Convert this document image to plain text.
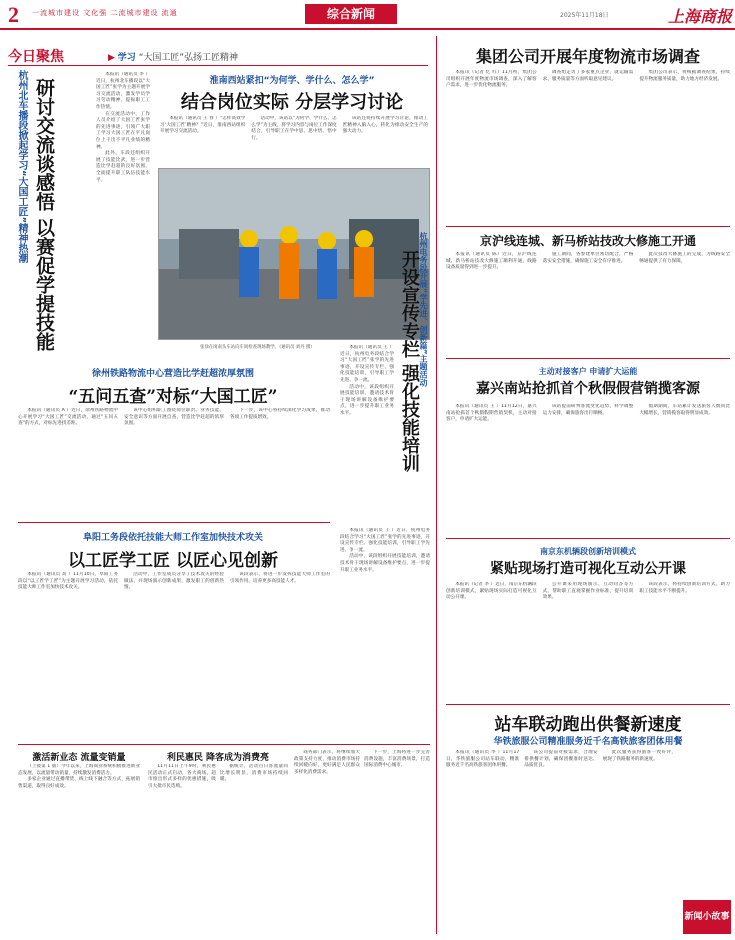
2 一流城市建设 文化强 二流城市建设 流通	综合新闻	2025年11月18日	上海商报
今日聚焦	▶ 学习 “大国工匠”弘扬工匠精神
杭州北车播段掀起学习“大国工匠”精神热潮 研讨交流谈感悟 以赛促学提技能

本报讯（通讯员 李 ）近日，杭州北车播段以“大国工匠”张学为主题开展学习交流活动，激发学员学习劳动精神、提振职工工作热情。

在交流活动中，工作人员介绍了大国工匠张学的先进事迹，引领广大职工学习大国工匠在平凡岗位上干出不平凡业绩的精神。

此外，车段还组织开展了技能比武，进一步营造比学赶超的良好氛围，全面提升职工队伍技能水平。

淮南西站紧扣“为何学、学什么、怎么学”
结合岗位实际 分层学习讨论

本报讯（通讯员 王 春 ）“怎样高效学习‘大国工匠’精神？”近日，淮南西站组织开展学习交流活动。

活动中，该站以“为何学、学什么、怎么学”为主线，将学习内容与岗位工作深度结合，引导职工在学中思、思中悟、悟中行。

该站还将持续开展学习讨论，推动工匠精神入脑入心，转化为推动安全生产的强大动力。

张徐在岗南头车站向车间检查现场教学。（通讯员 刘丹 摄）	杭州电务段开展“学先进、创新篇”主题活动
开设宣传专栏 强化技能培训

本报讯（通讯员 王 ）近日，杭州电务段结合学习“大国工匠”张学的先进事迹，开设宣传专栏、强化技能培训，引导职工学先进、争一流。

活动中，该段组织开展技能培训，邀请技术骨干现场讲解设备维护要点，进一步提升职工业务水平。

本报讯（通讯员 王 ）近日，杭州电务段结合学习“大国工匠”张学的先进事迹，开设宣传专栏、强化技能培训，引导职工学先进、争一流。

活动中，该段组织开展技能培训，邀请技术骨干现场讲解设备维护要点，进一步提升职工业务水平。

徐州铁路物流中心营造比学赶超浓厚氛围
“五问五查”对标“大国工匠”

本报讯（通讯员 A ）近日，徐州铁路物流中心开展学习“大国工匠”交流活动，通过“五问五查”的方式，对标先进找差距。

该中心组织职工围绕岗位职责、业务技能、安全意识等方面开展自查，营造比学赶超的浓厚氛围。

下一步，该中心将持续深化学习成果，推动各项工作提质增效。

阜阳工务段依托技能大师工作室加快技术攻关
以工匠学工匠 以匠心见创新

本报讯（通讯员 高 ）11月10日，阜阳工务段以“以工匠学工匠”为主题开展学习活动，依托技能大师工作室加快技术攻关。

活动中，工作室成员分享了技术攻关的经验做法，并现场演示创新成果，激发职工的创新热情。

该段表示，将进一步发挥技能大师工作室的引领作用，培养更多高技能人才。

激活新业态 流量变销量

（上接第 1 版）今年以来，上海商业系统积极推进新业态发展，以流量带动销量，持续激发消费活力。

多家企业通过直播带货、线上线下融合等方式，拓展销售渠道，取得良好成效。

利民惠民 降客成为消费亮

11月11日上午9时，利民惠民活动正式启动，各大商场、超市推出形式多样的优惠措施，吸引大批市民选购。

据统计，活动首日客流量同比增长明显，消费市场持续回暖。

商务部门表示，将继续加大政策支持力度，推动消费市场持续回暖向好，更好满足人民群众多样化消费需求。

下一步，上海将进一步完善消费设施，丰富消费场景，打造国际消费中心城市。

集团公司开展年度物流市场调查

本报讯（记者 忆 红）11月初，集团公司组织开展年度物流市场调查，深入了解客户需求，进一步优化物流服务。

调查组走访了多家重点企业，就运输需求、服务质量等方面听取意见建议。

集团公司表示，将根据调查结果，持续提升物流服务质量，助力地方经济发展。

京沪线连城、新马桥站技改大修施工开通

本报讯（通讯员 陈）近日，京沪线连城、新马桥站技改大修施工顺利开通，线路设备质量得到进一步提升。

施工期间，各参建单位密切配合，严格落实安全措施，确保施工安全有序推进。

此次技改大修施工的完成，为线路安全畅通提供了有力保障。

主动对接客户 申请扩大运能
嘉兴南站抢抓首个秋假假营销揽客源

本报讯（通讯员 王 ）11月12日，嘉兴南站抢抓首个秋假假期营销契机，主动对接客户，申请扩大运能。

该站提前研判客流变化趋势，科学调整运力安排，确保旅客出行顺畅。

假期期间，车站累计发送旅客人数同比大幅增长，营销揽客取得明显成效。

南京东机辆段创新培训模式
紧贴现场打造可视化互动公开课

本报讯（记者 李 ）近日，南京东机辆段创新培训模式，紧贴现场实际打造可视化互动公开课。

公开课采用现场演示、互动问答等方式，帮助职工直观掌握作业标准，提升培训效果。

该段表示，将持续创新培训方式，助力职工技能水平不断提升。

站车联动跑出供餐新速度
华铁旅服公司精准服务近千名高铁旅客团体用餐

本报讯（通讯员 李 ）11月17日，华铁旅服公司站车联动，精准服务近千名高铁旅客团体用餐。

该公司提前对接需求，合理安排供餐计划，确保团餐准时送达、品质优良。

此次服务获得旅客一致好评，展现了铁路服务的新速度。

新闻小故事
